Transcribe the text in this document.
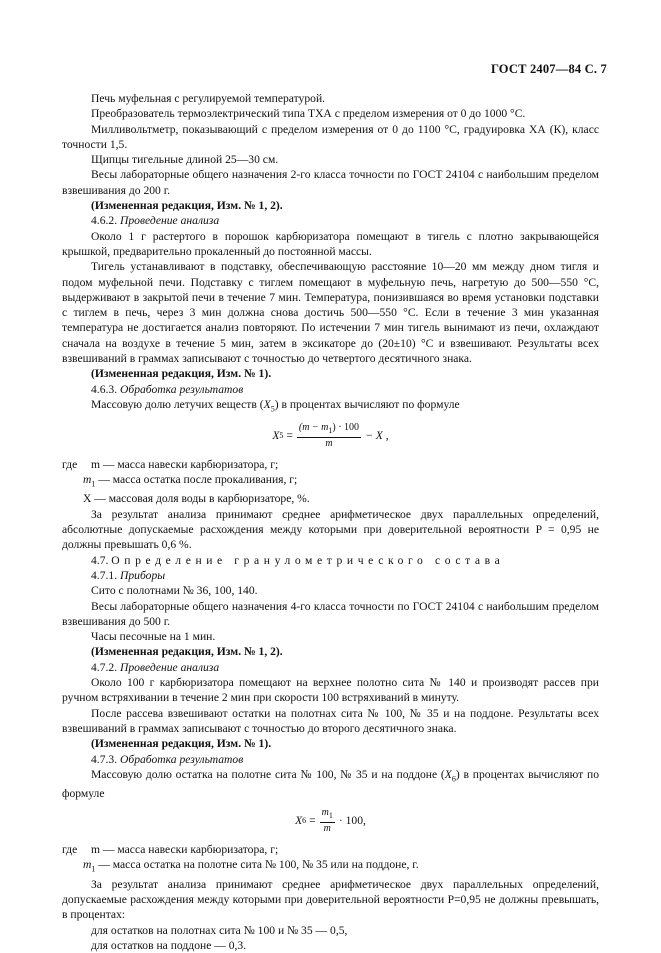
ГОСТ 2407—84 С. 7

Печь муфельная с регулируемой температурой.

Преобразователь термоэлектрический типа ТХА с пределом измерения от 0 до 1000 °С.

Милливольтметр, показывающий с пределом измерения от 0 до 1100 °С, градуировка ХА (К), класс точности 1,5.

Щипцы тигельные длиной 25—30 см.

Весы лабораторные общего назначения 2-го класса точности по ГОСТ 24104 с наибольшим пределом взвешивания до 200 г.

(Измененная редакция, Изм. № 1, 2).

4.6.2. Проведение анализа

Около 1 г растертого в порошок карбюризатора помещают в тигель с плотно закрывающейся крышкой, предварительно прокаленный до постоянной массы.

Тигель устанавливают в подставку, обеспечивающую расстояние 10—20 мм между дном тигля и подом муфельной печи. Подставку с тиглем помещают в муфельную печь, нагретую до 500—550 °С, выдерживают в закрытой печи в течение 7 мин. Температура, понизившаяся во время установки подставки с тиглем в печь, через 3 мин должна снова достичь 500—550 °С. Если в течение 3 мин указанная температура не достигается анализ повторяют. По истечении 7 мин тигель вынимают из печи, охлаждают сначала на воздухе в течение 5 мин, затем в эксикаторе до (20±10) °С и взвешивают. Результаты всех взвешиваний в граммах записывают с точностью до четвертого десятичного знака.

(Измененная редакция, Изм. № 1).

4.6.3. Обработка результатов

Массовую долю летучих веществ $(X_5)$ в процентах вычисляют по формуле

X 5
= $\frac{(m - m_1) \cdot 100}{m} - X$ ,

где	m — масса навески карбюризатора, г;

$m_1$ — масса остатка после прокаливания, г;

X — массовая доля воды в карбюризаторе, %.

За результат анализа принимают среднее арифметическое двух параллельных определений, абсолютные допускаемые расхождения между которыми при доверительной вероятности P = 0,95 не должны превышать 0,6 %.

4.7. Определение гранулометрического состава

4.7.1. Приборы

Сито с полотнами № 36, 100, 140.

Весы лабораторные общего назначения 4-го класса точности по ГОСТ 24104 с наибольшим пределом взвешивания до 500 г.

Часы песочные на 1 мин.

(Измененная редакция, Изм. № 1, 2).

4.7.2. Проведение анализа

Около 100 г карбюризатора помещают на верхнее полотно сита № 140 и производят рассев при ручном встряхивании в течение 2 мин при скорости 100 встряхиваний в минуту.

После рассева взвешивают остатки на полотнах сита № 100, № 35 и на поддоне. Результаты всех взвешиваний в граммах записывают с точностью до второго десятичного знака.

(Измененная редакция, Изм. № 1).

4.7.3. Обработка результатов

Массовую долю остатка на полотне сита № 100, № 35 и на поддоне $(X_6)$ в процентах вычисляют по формуле

X 6
= $\frac{m_1}{m} \cdot 100$,

где	m — масса навески карбюризатора, г;

$m_1$ — масса остатка на полотне сита № 100, № 35 или на поддоне, г.

За результат анализа принимают среднее арифметическое двух параллельных определений, допускаемые расхождения между которыми при доверительной вероятности P=0,95 не должны превышать, в процентах:

для остатков на полотнах сита № 100 и № 35 — 0,5,

для остатков на поддоне — 0,3.
